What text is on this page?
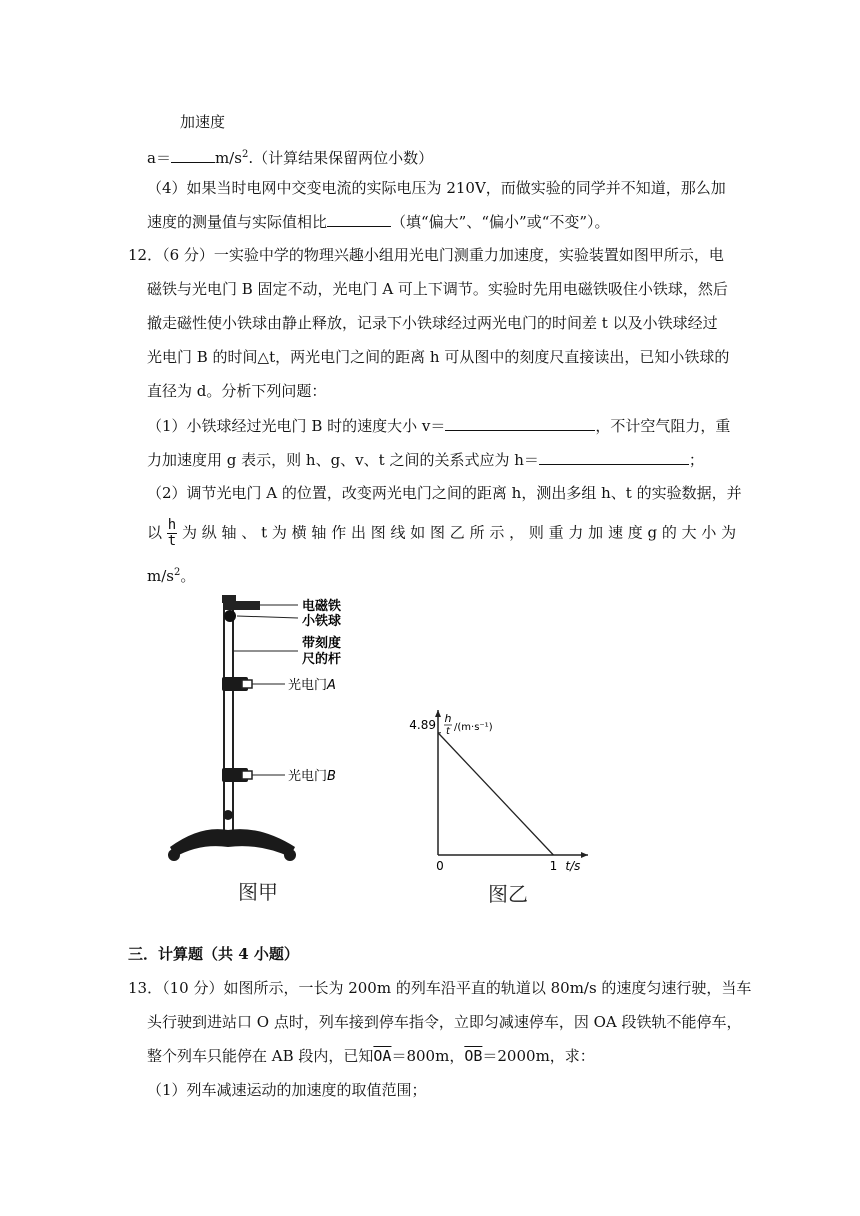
加速度
a＝	$m/s^2$.（计算结果保留两位小数）
（4）如果当时电网中交变电流的实际电压为 210V，而做实验的同学并不知道，那么加
速度的测量值与实际值相比	（填“偏大”、“偏小”或“不变”）。
12．（6 分）一实验中学的物理兴趣小组用光电门测重力加速度，实验装置如图甲所示，电
磁铁与光电门 B 固定不动，光电门 A 可上下调节。实验时先用电磁铁吸住小铁球，然后
撤走磁性使小铁球由静止释放，记录下小铁球经过两光电门的时间差 t 以及小铁球经过
光电门 B 的时间△t，两光电门之间的距离 h 可从图中的刻度尺直接读出，已知小铁球的
直径为 d。分析下列问题：
（1）小铁球经过光电门 B 时的速度大小 v＝	，不计空气阻力，重
力加速度用 g 表示，则 h、g、v、t 之间的关系式应为 h＝	；
（2）调节光电门 A 的位置，改变两光电门之间的距离 h，测出多组 h、t 的实验数据，并
以 $\frac{h}{t}$ 为 纵 轴 、 t 为 横 轴 作 出 图 线 如 图 乙 所 示 ， 则 重 力 加 速 度 g 的 大 小 为
$m/s^2$。
电磁铁
小铁球
带刻度
尺的杆
光电门A
光电门B
图甲
4.89
1
0	t/s
h
t /(m·s⁻¹)
图乙
三．计算题（共 4 小题）
13．（10 分）如图所示，一长为 200m 的列车沿平直的轨道以 80m/s 的速度匀速行驶，当车
头行驶到进站口 O 点时，列车接到停车指令，立即匀减速停车，因 OA 段铁轨不能停车，
整个列车只能停在 AB 段内，已知$\overline{OA}=800m$，$\overline{OB}=2000m$，求：
（1）列车减速运动的加速度的取值范围；
